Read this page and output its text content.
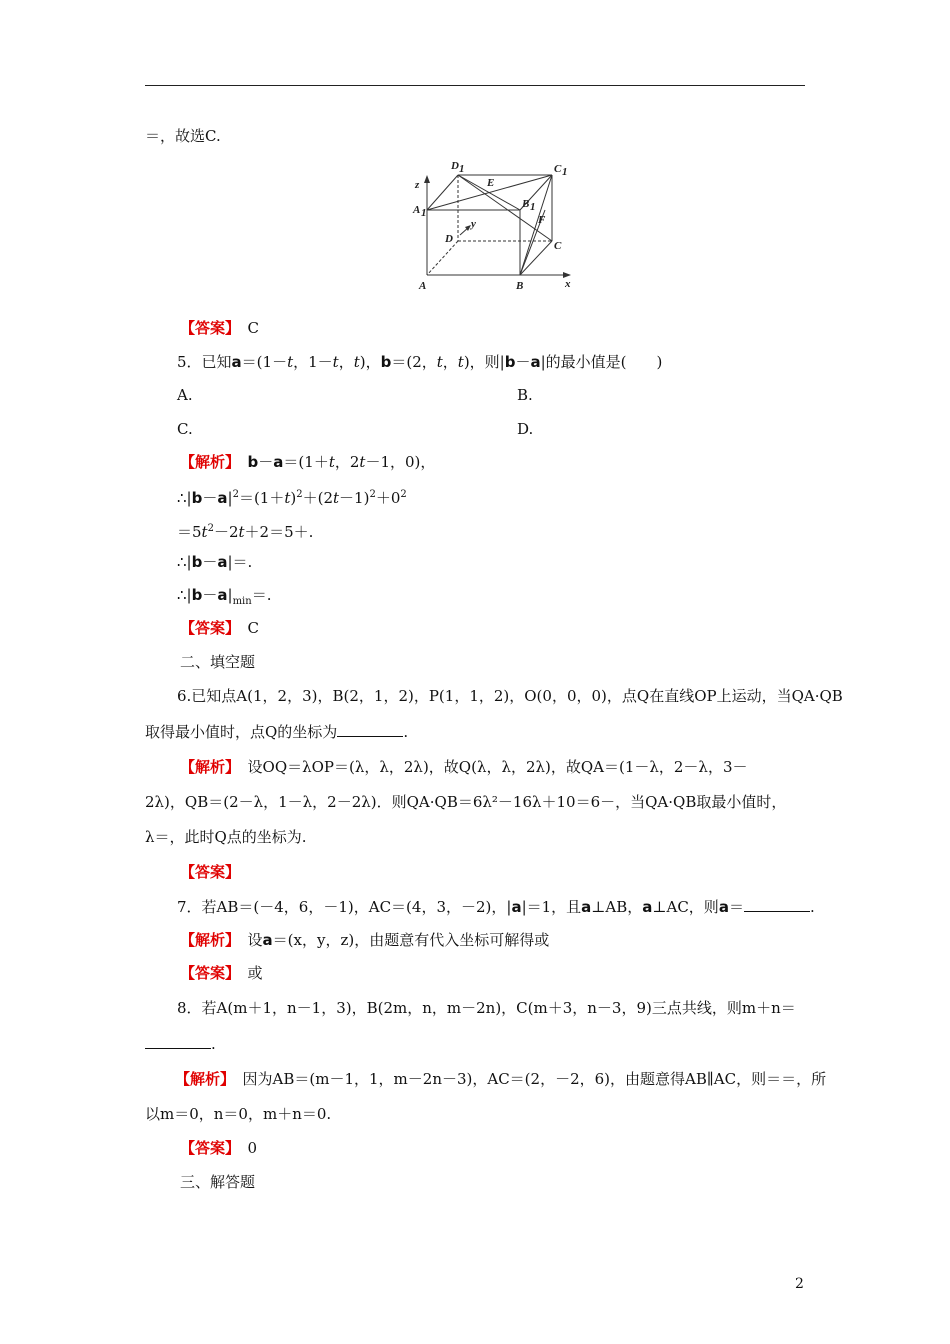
＝，故选C.
z
A 1
D 1	C 1
E
B 1
F
D
y
C
A	B	x
【答案】　 C
5．已知a＝(1－t，1－t，t)，b＝(2，t，t)，则|b－a|的最小值是(　　)
A.	B.
C.	D.
【解析】　 b－a＝(1＋t，2t－1，0)，
$\therefore|b-a|^2=(1+t)^2+(2t-1)^2+0^2$
$=5t^2-2t+2=5+$.
∴|b－a|＝.
$\therefore|b-a|_{min}=$.
【答案】　 C
二、填空题
6.已知点A(1，2，3)，B(2，1，2)，P(1，1，2)，O(0，0，0)，点Q在直线OP上运动，当QA·QB
取得最小值时，点Q的坐标为	.
【解析】　 设OQ＝λOP＝(λ，λ，2λ)，故Q(λ，λ，2λ)，故QA＝(1－λ，2－λ，3－
2λ)，QB＝(2－λ，1－λ，2－2λ)．则QA·QB＝6λ²－16λ＋10＝6－，当QA·QB取最小值时，
λ＝，此时Q点的坐标为.
【答案】
7．若AB＝(－4，6，－1)，AC＝(4，3，－2)，|a|＝1，且a⊥AB，a⊥AC，则a＝	.
【解析】　 设a＝(x，y，z)，由题意有代入坐标可解得或
【答案】　 或
8．若A(m＋1，n－1，3)，B(2m，n，m－2n)，C(m＋3，n－3，9)三点共线，则m＋n＝
.
【解析】　 因为AB＝(m－1，1，m－2n－3)，AC＝(2，－2，6)，由题意得AB∥AC，则＝＝，所
以m＝0，n＝0，m＋n＝0.
【答案】　 0
三、解答题
2
